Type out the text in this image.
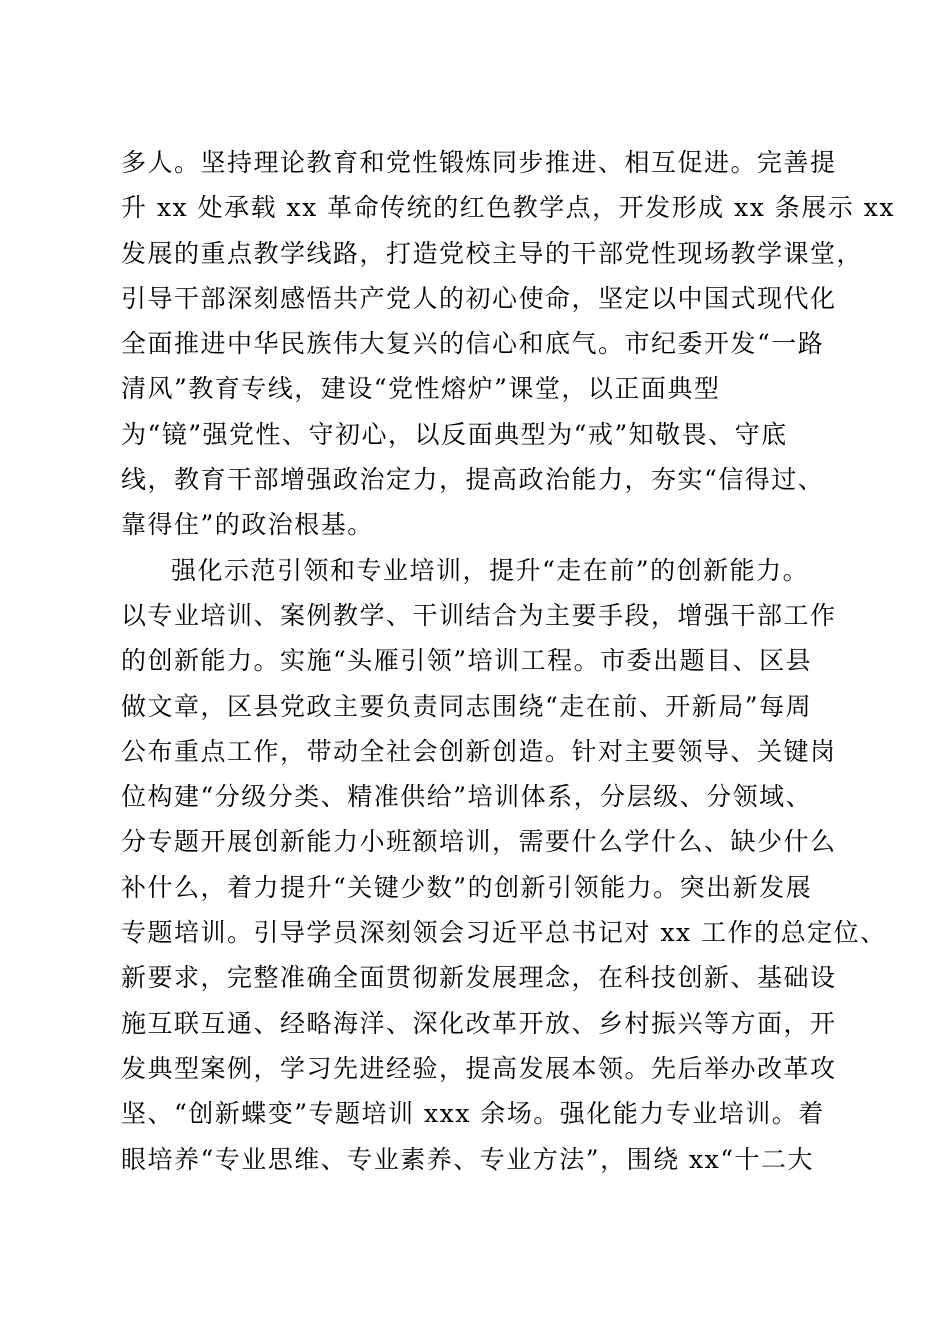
多人。坚持理论教育和党性锻炼同步推进、相互促进。完善提
升 xx 处承载 xx 革命传统的红色教学点，开发形成 xx 条展示 xx
发展的重点教学线路，打造党校主导的干部党性现场教学课堂，
引导干部深刻感悟共产党人的初心使命，坚定以中国式现代化
全面推进中华民族伟大复兴的信心和底气。市纪委开发“一路
清风”教育专线，建设“党性熔炉”课堂，以正面典型
为“镜”强党性、守初心，以反面典型为“戒”知敬畏、守底
线，教育干部增强政治定力，提高政治能力，夯实“信得过、
靠得住”的政治根基。
强化示范引领和专业培训，提升“走在前”的创新能力。
以专业培训、案例教学、干训结合为主要手段，增强干部工作
的创新能力。实施“头雁引领”培训工程。市委出题目、区县
做文章，区县党政主要负责同志围绕“走在前、开新局”每周
公布重点工作，带动全社会创新创造。针对主要领导、关键岗
位构建“分级分类、精准供给”培训体系，分层级、分领域、
分专题开展创新能力小班额培训，需要什么学什么、缺少什么
补什么，着力提升“关键少数”的创新引领能力。突出新发展
专题培训。引导学员深刻领会习近平总书记对 xx 工作的总定位、
新要求，完整准确全面贯彻新发展理念，在科技创新、基础设
施互联互通、经略海洋、深化改革开放、乡村振兴等方面，开
发典型案例，学习先进经验，提高发展本领。先后举办改革攻
坚、“创新蝶变”专题培训 xxx 余场。强化能力专业培训。着
眼培养“专业思维、专业素养、专业方法”，围绕 xx“十二大
